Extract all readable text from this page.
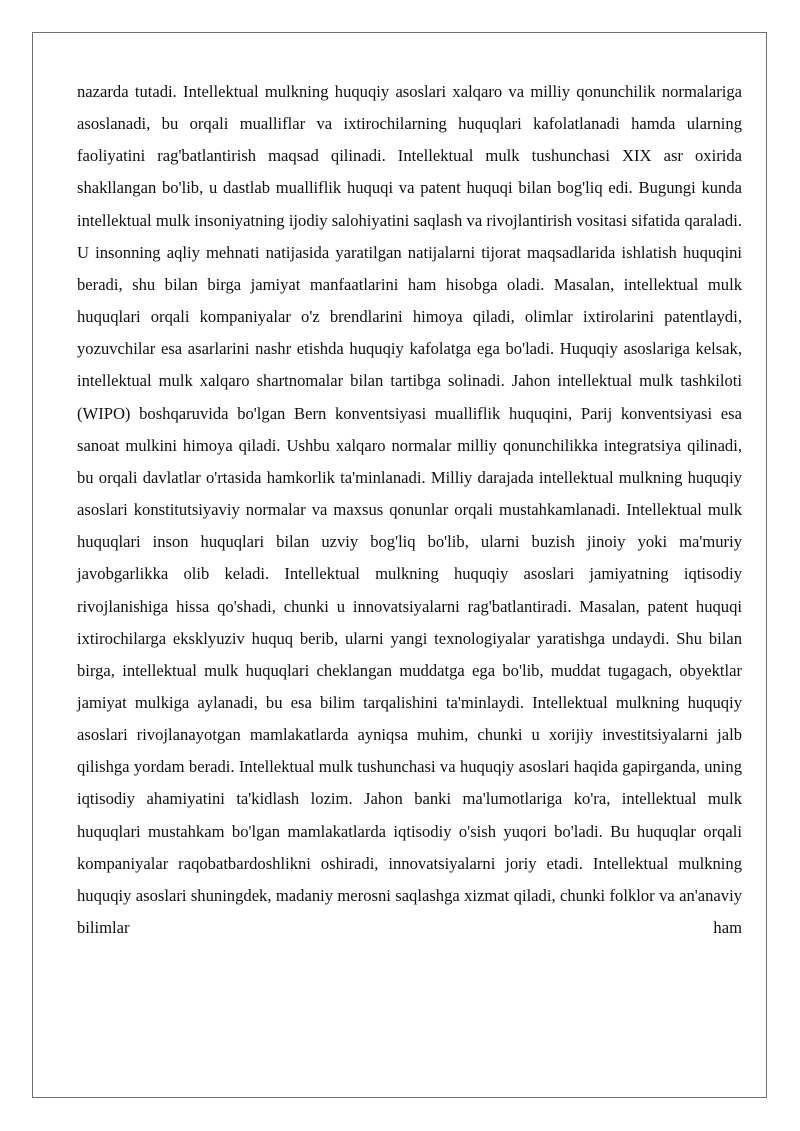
nazarda tutadi. Intellektual mulkning huquqiy asoslari xalqaro va milliy qonunchilik normalariga asoslanadi, bu orqali mualliflar va ixtirochilarning huquqlari kafolatlanadi hamda ularning faoliyatini rag'batlantirish maqsad qilinadi. Intellektual mulk tushunchasi XIX asr oxirida shakllangan bo'lib, u dastlab mualliflik huquqi va patent huquqi bilan bog'liq edi. Bugungi kunda intellektual mulk insoniyatning ijodiy salohiyatini saqlash va rivojlantirish vositasi sifatida qaraladi. U insonning aqliy mehnati natijasida yaratilgan natijalarni tijorat maqsadlarida ishlatish huquqini beradi, shu bilan birga jamiyat manfaatlarini ham hisobga oladi. Masalan, intellektual mulk huquqlari orqali kompaniyalar o'z brendlarini himoya qiladi, olimlar ixtirolarini patentlaydi, yozuvchilar esa asarlarini nashr etishda huquqiy kafolatga ega bo'ladi. Huquqiy asoslariga kelsak, intellektual mulk xalqaro shartnomalar bilan tartibga solinadi. Jahon intellektual mulk tashkiloti (WIPO) boshqaruvida bo'lgan Bern konventsiyasi mualliflik huquqini, Parij konventsiyasi esa sanoat mulkini himoya qiladi. Ushbu xalqaro normalar milliy qonunchilikka integratsiya qilinadi, bu orqali davlatlar o'rtasida hamkorlik ta'minlanadi. Milliy darajada intellektual mulkning huquqiy asoslari konstitutsiyaviy normalar va maxsus qonunlar orqali mustahkamlanadi. Intellektual mulk huquqlari inson huquqlari bilan uzviy bog'liq bo'lib, ularni buzish jinoiy yoki ma'muriy javobgarlikka olib keladi. Intellektual mulkning huquqiy asoslari jamiyatning iqtisodiy rivojlanishiga hissa qo'shadi, chunki u innovatsiyalarni rag'batlantiradi. Masalan, patent huquqi ixtirochilarga eksklyuziv huquq berib, ularni yangi texnologiyalar yaratishga undaydi. Shu bilan birga, intellektual mulk huquqlari cheklangan muddatga ega bo'lib, muddat tugagach, obyektlar jamiyat mulkiga aylanadi, bu esa bilim tarqalishini ta'minlaydi. Intellektual mulkning huquqiy asoslari rivojlanayotgan mamlakatlarda ayniqsa muhim, chunki u xorijiy investitsiyalarni jalb qilishga yordam beradi. Intellektual mulk tushunchasi va huquqiy asoslari haqida gapirganda, uning iqtisodiy ahamiyatini ta'kidlash lozim. Jahon banki ma'lumotlariga ko'ra, intellektual mulk huquqlari mustahkam bo'lgan mamlakatlarda iqtisodiy o'sish yuqori bo'ladi. Bu huquqlar orqali kompaniyalar raqobatbardoshlikni oshiradi, innovatsiyalarni joriy etadi. Intellektual mulkning huquqiy asoslari shuningdek, madaniy merosni saqlashga xizmat qiladi, chunki folklor va an'anaviy bilimlar ham
